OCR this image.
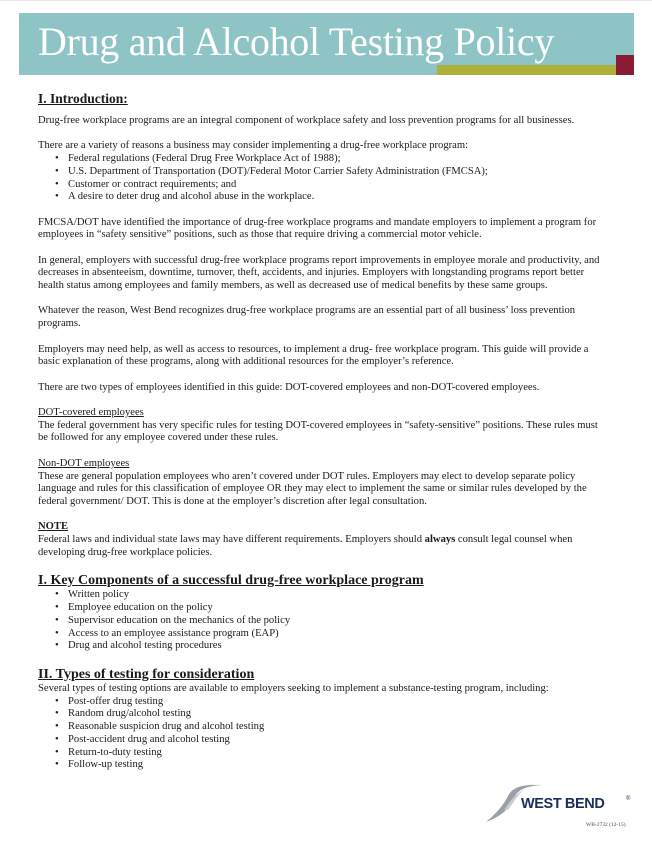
Drug and Alcohol Testing Policy
I. Introduction:

Drug-free workplace programs are an integral component of workplace safety and loss prevention programs for all businesses.

There are a variety of reasons a business may consider implementing a drug-free workplace program:
• Federal regulations (Federal Drug Free Workplace Act of 1988);
• U.S. Department of Transportation (DOT)/Federal Motor Carrier Safety Administration (FMCSA);
• Customer or contract requirements; and
• A desire to deter drug and alcohol abuse in the workplace.

FMCSA/DOT have identified the importance of drug-free workplace programs and mandate employers to implement a program for employees in “safety sensitive” positions, such as those that require driving a commercial motor vehicle.

In general, employers with successful drug-free workplace programs report improvements in employee morale and productivity, and decreases in absenteeism, downtime, turnover, theft, accidents, and injuries. Employers with longstanding programs report better health status among employees and family members, as well as decreased use of medical benefits by these same groups.

Whatever the reason, West Bend recognizes drug-free workplace programs are an essential part of all business’ loss prevention programs.

Employers may need help, as well as access to resources, to implement a drug- free workplace program. This guide will provide a basic explanation of these programs, along with additional resources for the employer’s reference.

There are two types of employees identified in this guide: DOT-covered employees and non-DOT-covered employees.

DOT-covered employees
The federal government has very specific rules for testing DOT-covered employees in “safety-sensitive” positions. These rules must be followed for any employee covered under these rules.
Non-DOT employees
These are general population employees who aren’t covered under DOT rules. Employers may elect to develop separate policy language and rules for this classification of employee OR they may elect to implement the same or similar rules developed by the federal government/ DOT. This is done at the employer’s discretion after legal consultation.
NOTE
Federal laws and individual state laws may have different requirements. Employers should always consult legal counsel when developing drug-free workplace policies.
I. Key Components of a successful drug-free workplace program
• Written policy
• Employee education on the policy
• Supervisor education on the mechanics of the policy
• Access to an employee assistance program (EAP)
• Drug and alcohol testing procedures
II. Types of testing for consideration
Several types of testing options are available to employers seeking to implement a substance-testing program, including:
• Post-offer drug testing
• Random drug/alcohol testing
• Reasonable suspicion drug and alcohol testing
• Post-accident drug and alcohol testing
• Return-to-duty testing
• Follow-up testing
WEST BEND	®
WB-2732 (12-15)
